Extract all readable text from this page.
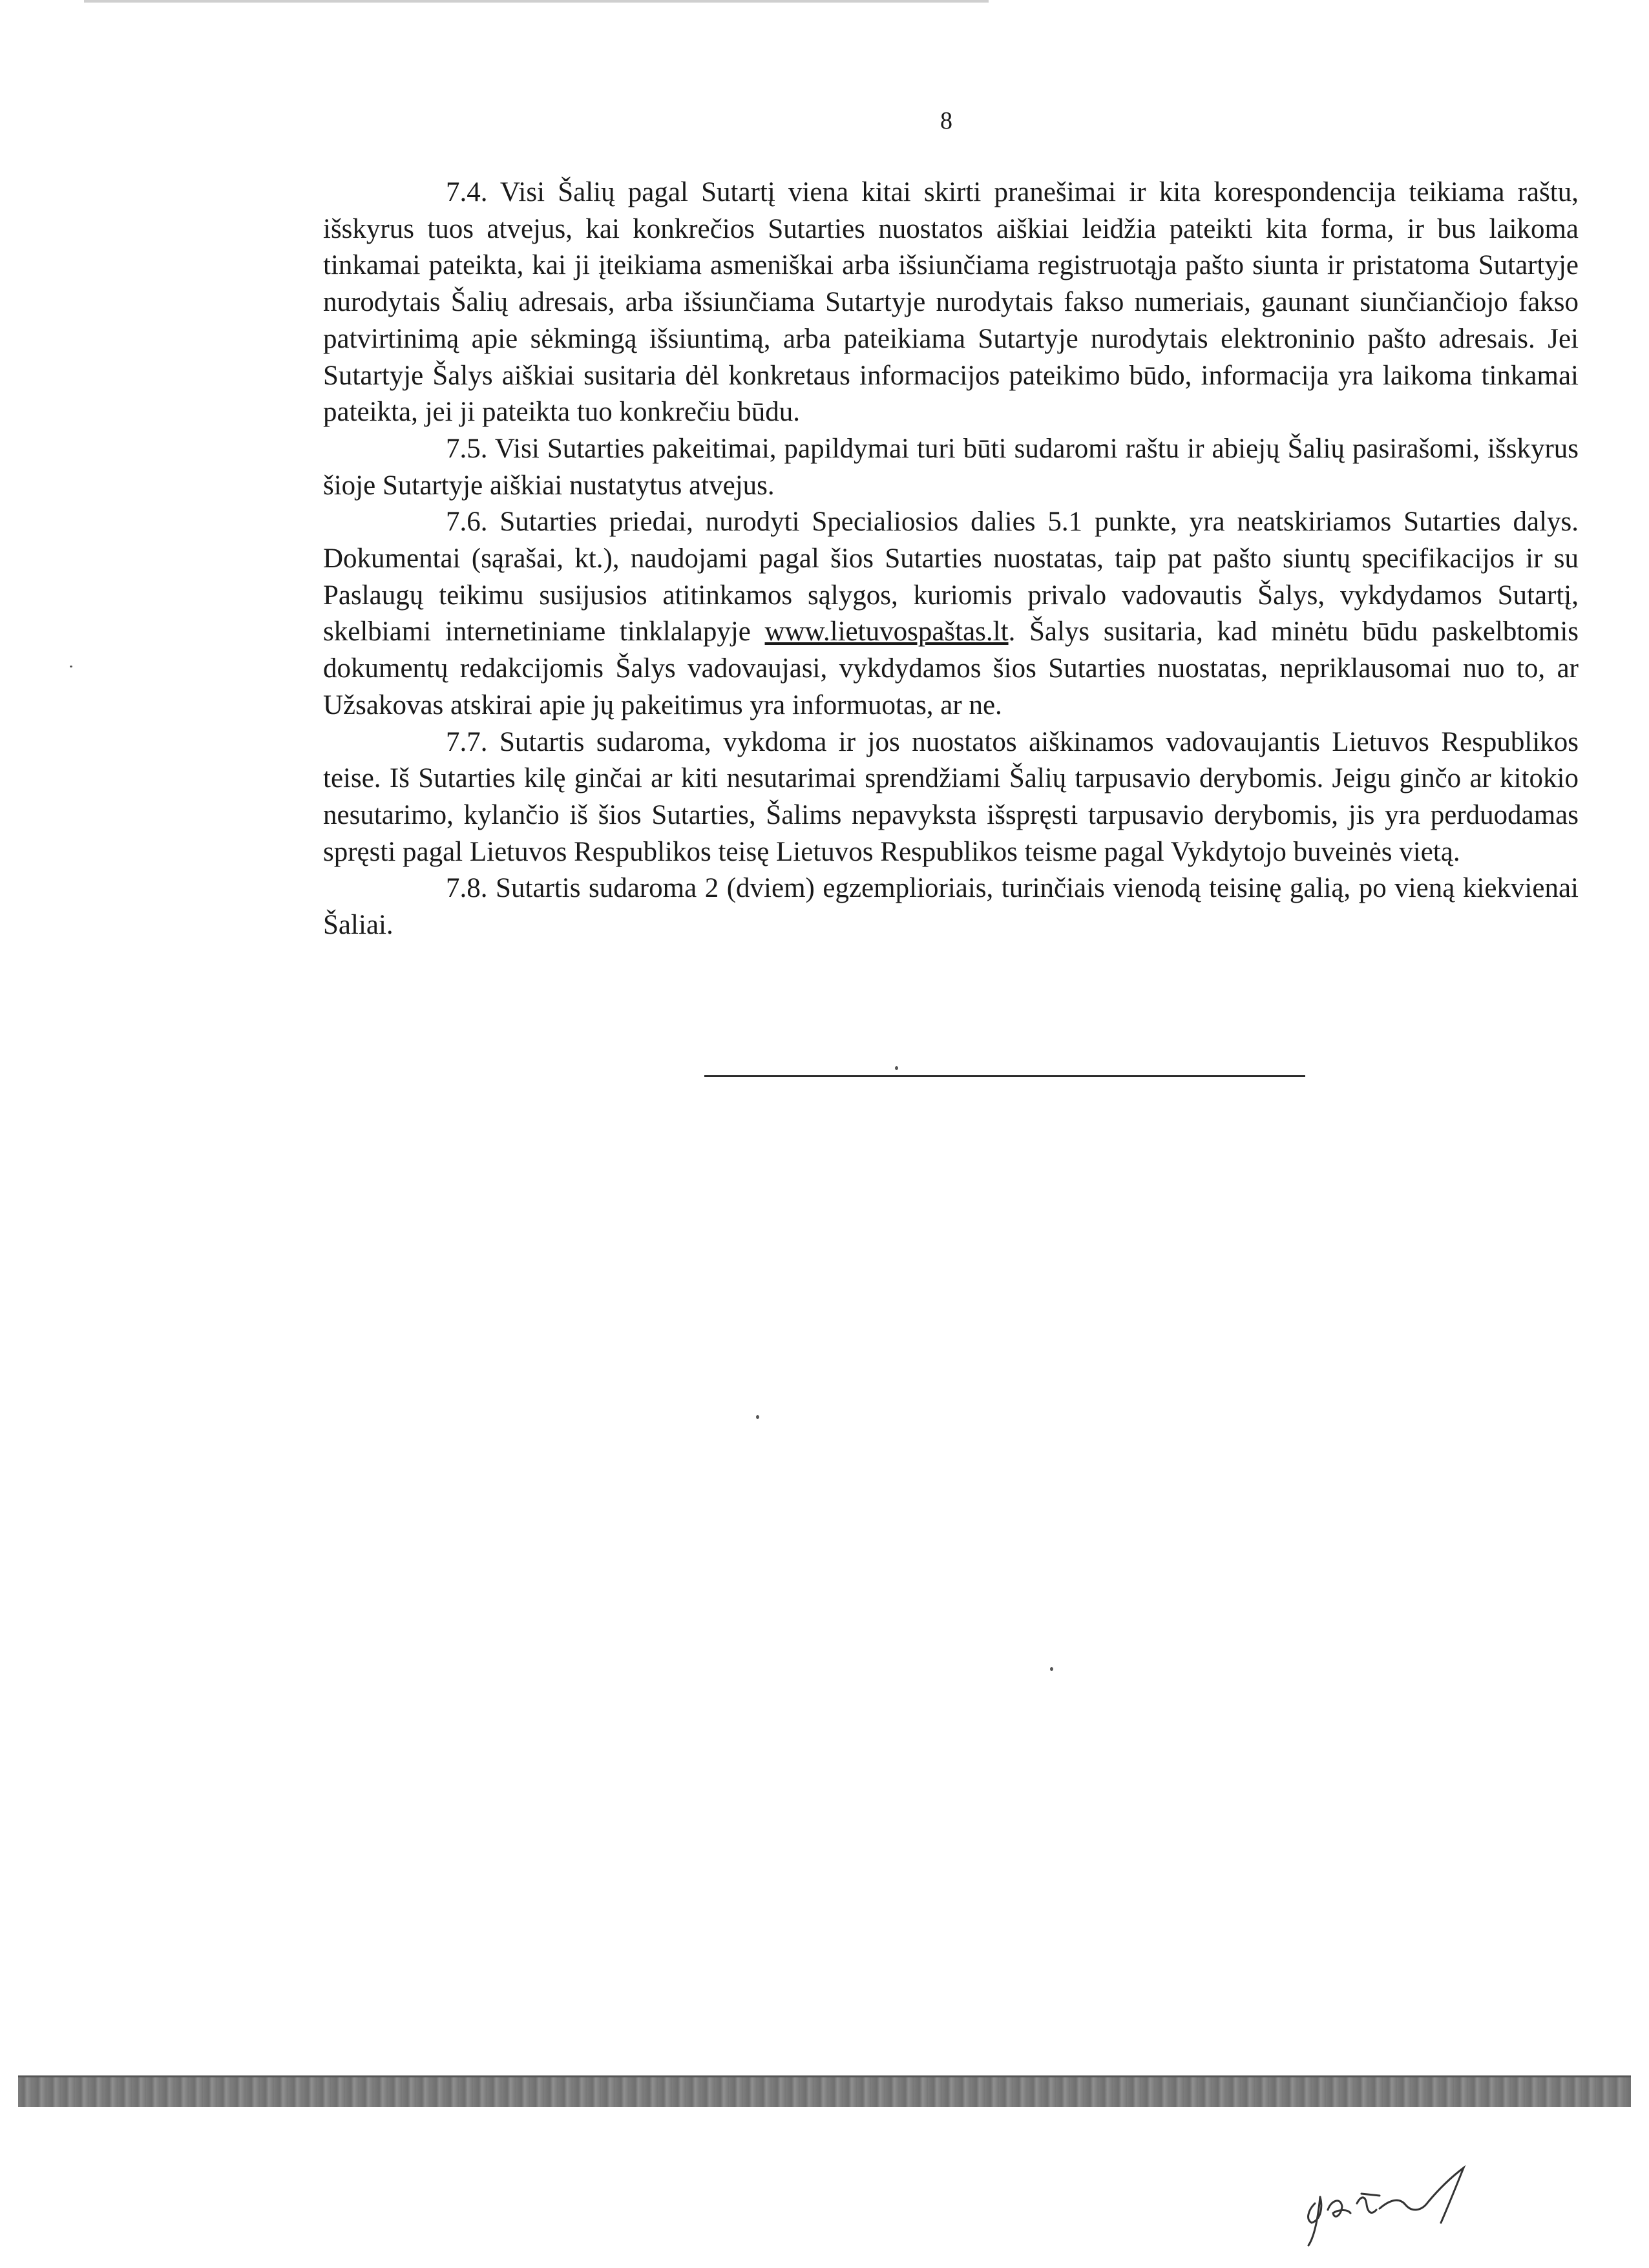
8

7.4. Visi Šalių pagal Sutartį viena kitai skirti pranešimai ir kita korespondencija teikiama raštu, išskyrus tuos atvejus, kai konkrečios Sutarties nuostatos aiškiai leidžia pateikti kita forma, ir bus laikoma tinkamai pateikta, kai ji įteikiama asmeniškai arba išsiunčiama registruotąja pašto siunta ir pristatoma Sutartyje nurodytais Šalių adresais, arba išsiunčiama Sutartyje nurodytais fakso numeriais, gaunant siunčiančiojo fakso patvirtinimą apie sėkmingą išsiuntimą, arba pateikiama Sutartyje nurodytais elektroninio pašto adresais. Jei Sutartyje Šalys aiškiai susitaria dėl konkretaus informacijos pateikimo būdo, informacija yra laikoma tinkamai pateikta, jei ji pateikta tuo konkrečiu būdu.

7.5. Visi Sutarties pakeitimai, papildymai turi būti sudaromi raštu ir abiejų Šalių pasirašomi, išskyrus šioje Sutartyje aiškiai nustatytus atvejus.

7.6. Sutarties priedai, nurodyti Specialiosios dalies 5.1 punkte, yra neatskiriamos Sutarties dalys. Dokumentai (sąrašai, kt.), naudojami pagal šios Sutarties nuostatas, taip pat pašto siuntų specifikacijos ir su Paslaugų teikimu susijusios atitinkamos sąlygos, kuriomis privalo vadovautis Šalys, vykdydamos Sutartį, skelbiami internetiniame tinklalapyje www.lietuvospaštas.lt. Šalys susitaria, kad minėtu būdu paskelbtomis dokumentų redakcijomis Šalys vadovaujasi, vykdydamos šios Sutarties nuostatas, nepriklausomai nuo to, ar Užsakovas atskirai apie jų pakeitimus yra informuotas, ar ne.

7.7. Sutartis sudaroma, vykdoma ir jos nuostatos aiškinamos vadovaujantis Lietuvos Respublikos teise. Iš Sutarties kilę ginčai ar kiti nesutarimai sprendžiami Šalių tarpusavio derybomis. Jeigu ginčo ar kitokio nesutarimo, kylančio iš šios Sutarties, Šalims nepavyksta išspręsti tarpusavio derybomis, jis yra perduodamas spręsti pagal Lietuvos Respublikos teisę Lietuvos Respublikos teisme pagal Vykdytojo buveinės vietą.

7.8. Sutartis sudaroma 2 (dviem) egzemplioriais, turinčiais vienodą teisinę galią, po vieną kiekvienai Šaliai.
